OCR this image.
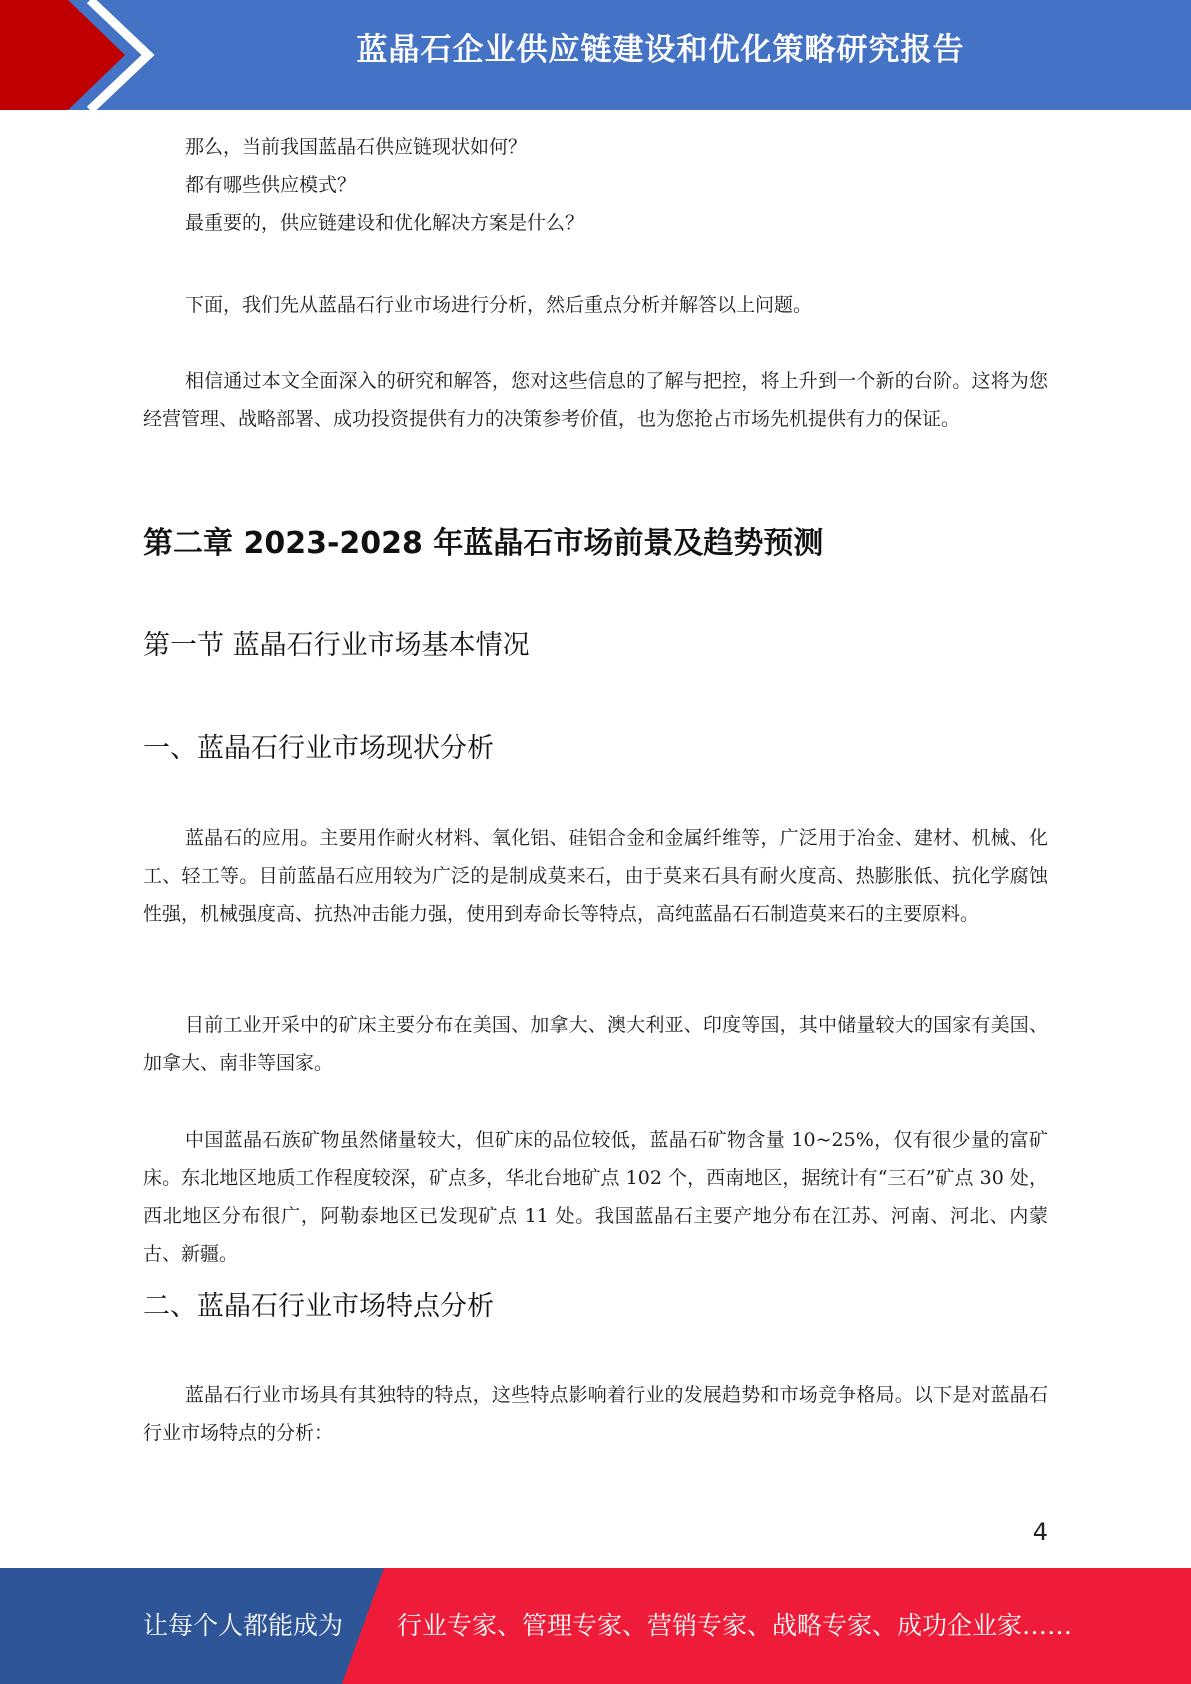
蓝晶石企业供应链建设和优化策略研究报告

那么，当前我国蓝晶石供应链现状如何？

都有哪些供应模式？

最重要的，供应链建设和优化解决方案是什么？

下面，我们先从蓝晶石行业市场进行分析，然后重点分析并解答以上问题。

相信通过本文全面深入的研究和解答，您对这些信息的了解与把控，将上升到一个新的台阶。这将为您经营管理、战略部署、成功投资提供有力的决策参考价值，也为您抢占市场先机提供有力的保证。

第二章 2023-2028 年蓝晶石市场前景及趋势预测
第一节 蓝晶石行业市场基本情况
一、蓝晶石行业市场现状分析

蓝晶石的应用。主要用作耐火材料、氧化铝、硅铝合金和金属纤维等，广泛用于冶金、建材、机械、化工、轻工等。目前蓝晶石应用较为广泛的是制成莫来石，由于莫来石具有耐火度高、热膨胀低、抗化学腐蚀性强，机械强度高、抗热冲击能力强，使用到寿命长等特点，高纯蓝晶石石制造莫来石的主要原料。

目前工业开采中的矿床主要分布在美国、加拿大、澳大利亚、印度等国，其中储量较大的国家有美国、加拿大、南非等国家。

中国蓝晶石族矿物虽然储量较大，但矿床的品位较低，蓝晶石矿物含量 10~25%，仅有很少量的富矿床。东北地区地质工作程度较深，矿点多，华北台地矿点 102 个，西南地区，据统计有“三石”矿点 30 处，西北地区分布很广，阿勒泰地区已发现矿点 11 处。我国蓝晶石主要产地分布在江苏、河南、河北、内蒙古、新疆。

二、蓝晶石行业市场特点分析

蓝晶石行业市场具有其独特的特点，这些特点影响着行业的发展趋势和市场竞争格局。以下是对蓝晶石行业市场特点的分析：

4
让每个人都能成为 行业专家、管理专家、营销专家、战略专家、成功企业家……
